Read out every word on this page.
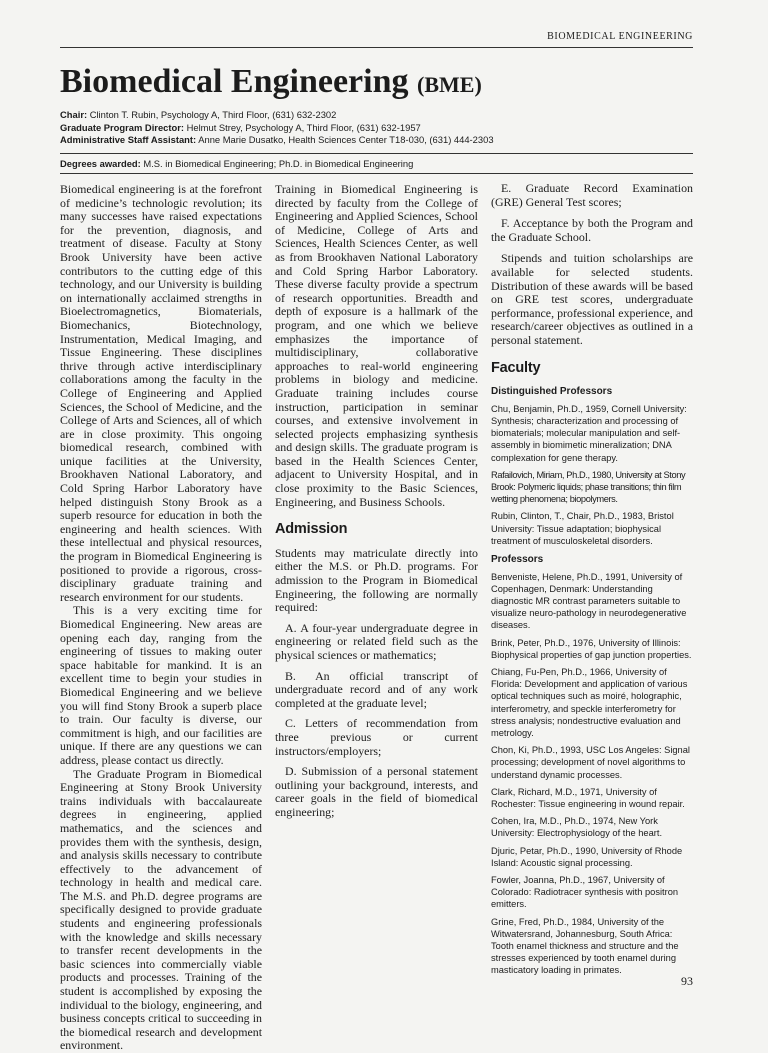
BIOMEDICAL ENGINEERING
Biomedical Engineering (BME)
Chair: Clinton T. Rubin, Psychology A, Third Floor, (631) 632-2302
Graduate Program Director: Helmut Strey, Psychology A, Third Floor, (631) 632-1957
Administrative Staff Assistant: Anne Marie Dusatko, Health Sciences Center T18-030, (631) 444-2303
Degrees awarded: M.S. in Biomedical Engineering; Ph.D. in Biomedical Engineering

Biomedical engineering is at the forefront of medicine’s technologic revolution; its many successes have raised expectations for the prevention, diagnosis, and treatment of disease. Faculty at Stony Brook University have been active contributors to the cutting edge of this technology, and our University is building on internationally acclaimed strengths in Bioelectromagnetics, Biomaterials, Biomechanics, Biotechnology, Instrumentation, Medical Imaging, and Tissue Engineering. These disciplines thrive through active interdisciplinary collaborations among the faculty in the College of Engineering and Applied Sciences, the School of Medicine, and the College of Arts and Sciences, all of which are in close proximity. This ongoing biomedical research, combined with unique facilities at the University, Brookhaven National Laboratory, and Cold Spring Harbor Laboratory have helped distinguish Stony Brook as a superb resource for education in both the engineering and health sciences. With these intellectual and physical resources, the program in Biomedical Engineering is positioned to provide a rigorous, cross-disciplinary graduate training and research environment for our students.

This is a very exciting time for Biomedical Engineering. New areas are opening each day, ranging from the engineering of tissues to making outer space habitable for mankind. It is an excellent time to begin your studies in Biomedical Engineering and we believe you will find Stony Brook a superb place to train. Our faculty is diverse, our commitment is high, and our facilities are unique. If there are any questions we can address, please contact us directly.

The Graduate Program in Biomedical Engineering at Stony Brook University trains individuals with baccalaureate degrees in engineering, applied mathematics, and the sciences and provides them with the synthesis, design, and analysis skills necessary to contribute effectively to the advancement of technology in health and medical care. The M.S. and Ph.D. degree programs are specifically designed to provide graduate students and engineering professionals with the knowledge and skills necessary to transfer recent developments in the basic sciences into commercially viable products and processes. Training of the student is accomplished by exposing the individual to the biology, engineering, and business concepts critical to succeeding in the biomedical research and development environment.

Training in Biomedical Engineering is directed by faculty from the College of Engineering and Applied Sciences, School of Medicine, College of Arts and Sciences, Health Sciences Center, as well as from Brookhaven National Laboratory and Cold Spring Harbor Laboratory. These diverse faculty provide a spectrum of research opportunities. Breadth and depth of exposure is a hallmark of the program, and one which we believe emphasizes the importance of multidisciplinary, collaborative approaches to real-world engineering problems in biology and medicine. Graduate training includes course instruction, participation in seminar courses, and extensive involvement in selected projects emphasizing synthesis and design skills. The graduate program is based in the Health Sciences Center, adjacent to University Hospital, and in close proximity to the Basic Sciences, Engineering, and Business Schools.

Admission

Students may matriculate directly into either the M.S. or Ph.D. programs. For admission to the Program in Biomedical Engineering, the following are normally required:

A. A four-year undergraduate degree in engineering or related field such as the physical sciences or mathematics;

B. An official transcript of undergraduate record and of any work completed at the graduate level;

C. Letters of recommendation from three previous or current instructors/employers;

D. Submission of a personal statement outlining your background, interests, and career goals in the field of biomedical engineering;

E. Graduate Record Examination (GRE) General Test scores;

F. Acceptance by both the Program and the Graduate School.

Stipends and tuition scholarships are available for selected students. Distribution of these awards will be based on GRE test scores, undergraduate performance, professional experience, and research/career objectives as outlined in a personal statement.

Faculty
Distinguished Professors

Chu, Benjamin, Ph.D., 1959, Cornell University: Synthesis; characterization and processing of biomaterials; molecular manipulation and self-assembly in biomimetic mineralization; DNA complexation for gene therapy.

Rafailovich, Miriam, Ph.D., 1980, University at Stony Brook: Polymeric liquids; phase transitions; thin film wetting phenomena; biopolymers.

Rubin, Clinton, T., Chair, Ph.D., 1983, Bristol University: Tissue adaptation; biophysical treatment of musculoskeletal disorders.

Professors

Benveniste, Helene, Ph.D., 1991, University of Copenhagen, Denmark: Understanding diagnostic MR contrast parameters suitable to visualize neuro-pathology in neurodegenerative diseases.

Brink, Peter, Ph.D., 1976, University of Illinois: Biophysical properties of gap junction properties.

Chiang, Fu-Pen, Ph.D., 1966, University of Florida: Development and application of various optical techniques such as moiré, holographic, interferometry, and speckle interferometry for stress analysis; nondestructive evaluation and metrology.

Chon, Ki, Ph.D., 1993, USC Los Angeles: Signal processing; development of novel algorithms to understand dynamic processes.

Clark, Richard, M.D., 1971, University of Rochester: Tissue engineering in wound repair.

Cohen, Ira, M.D., Ph.D., 1974, New York University: Electrophysiology of the heart.

Djuric, Petar, Ph.D., 1990, University of Rhode Island: Acoustic signal processing.

Fowler, Joanna, Ph.D., 1967, University of Colorado: Radiotracer synthesis with positron emitters.

Grine, Fred, Ph.D., 1984, University of the Witwatersrand, Johannesburg, South Africa: Tooth enamel thickness and structure and the stresses experienced by tooth enamel during masticatory loading in primates.

93
